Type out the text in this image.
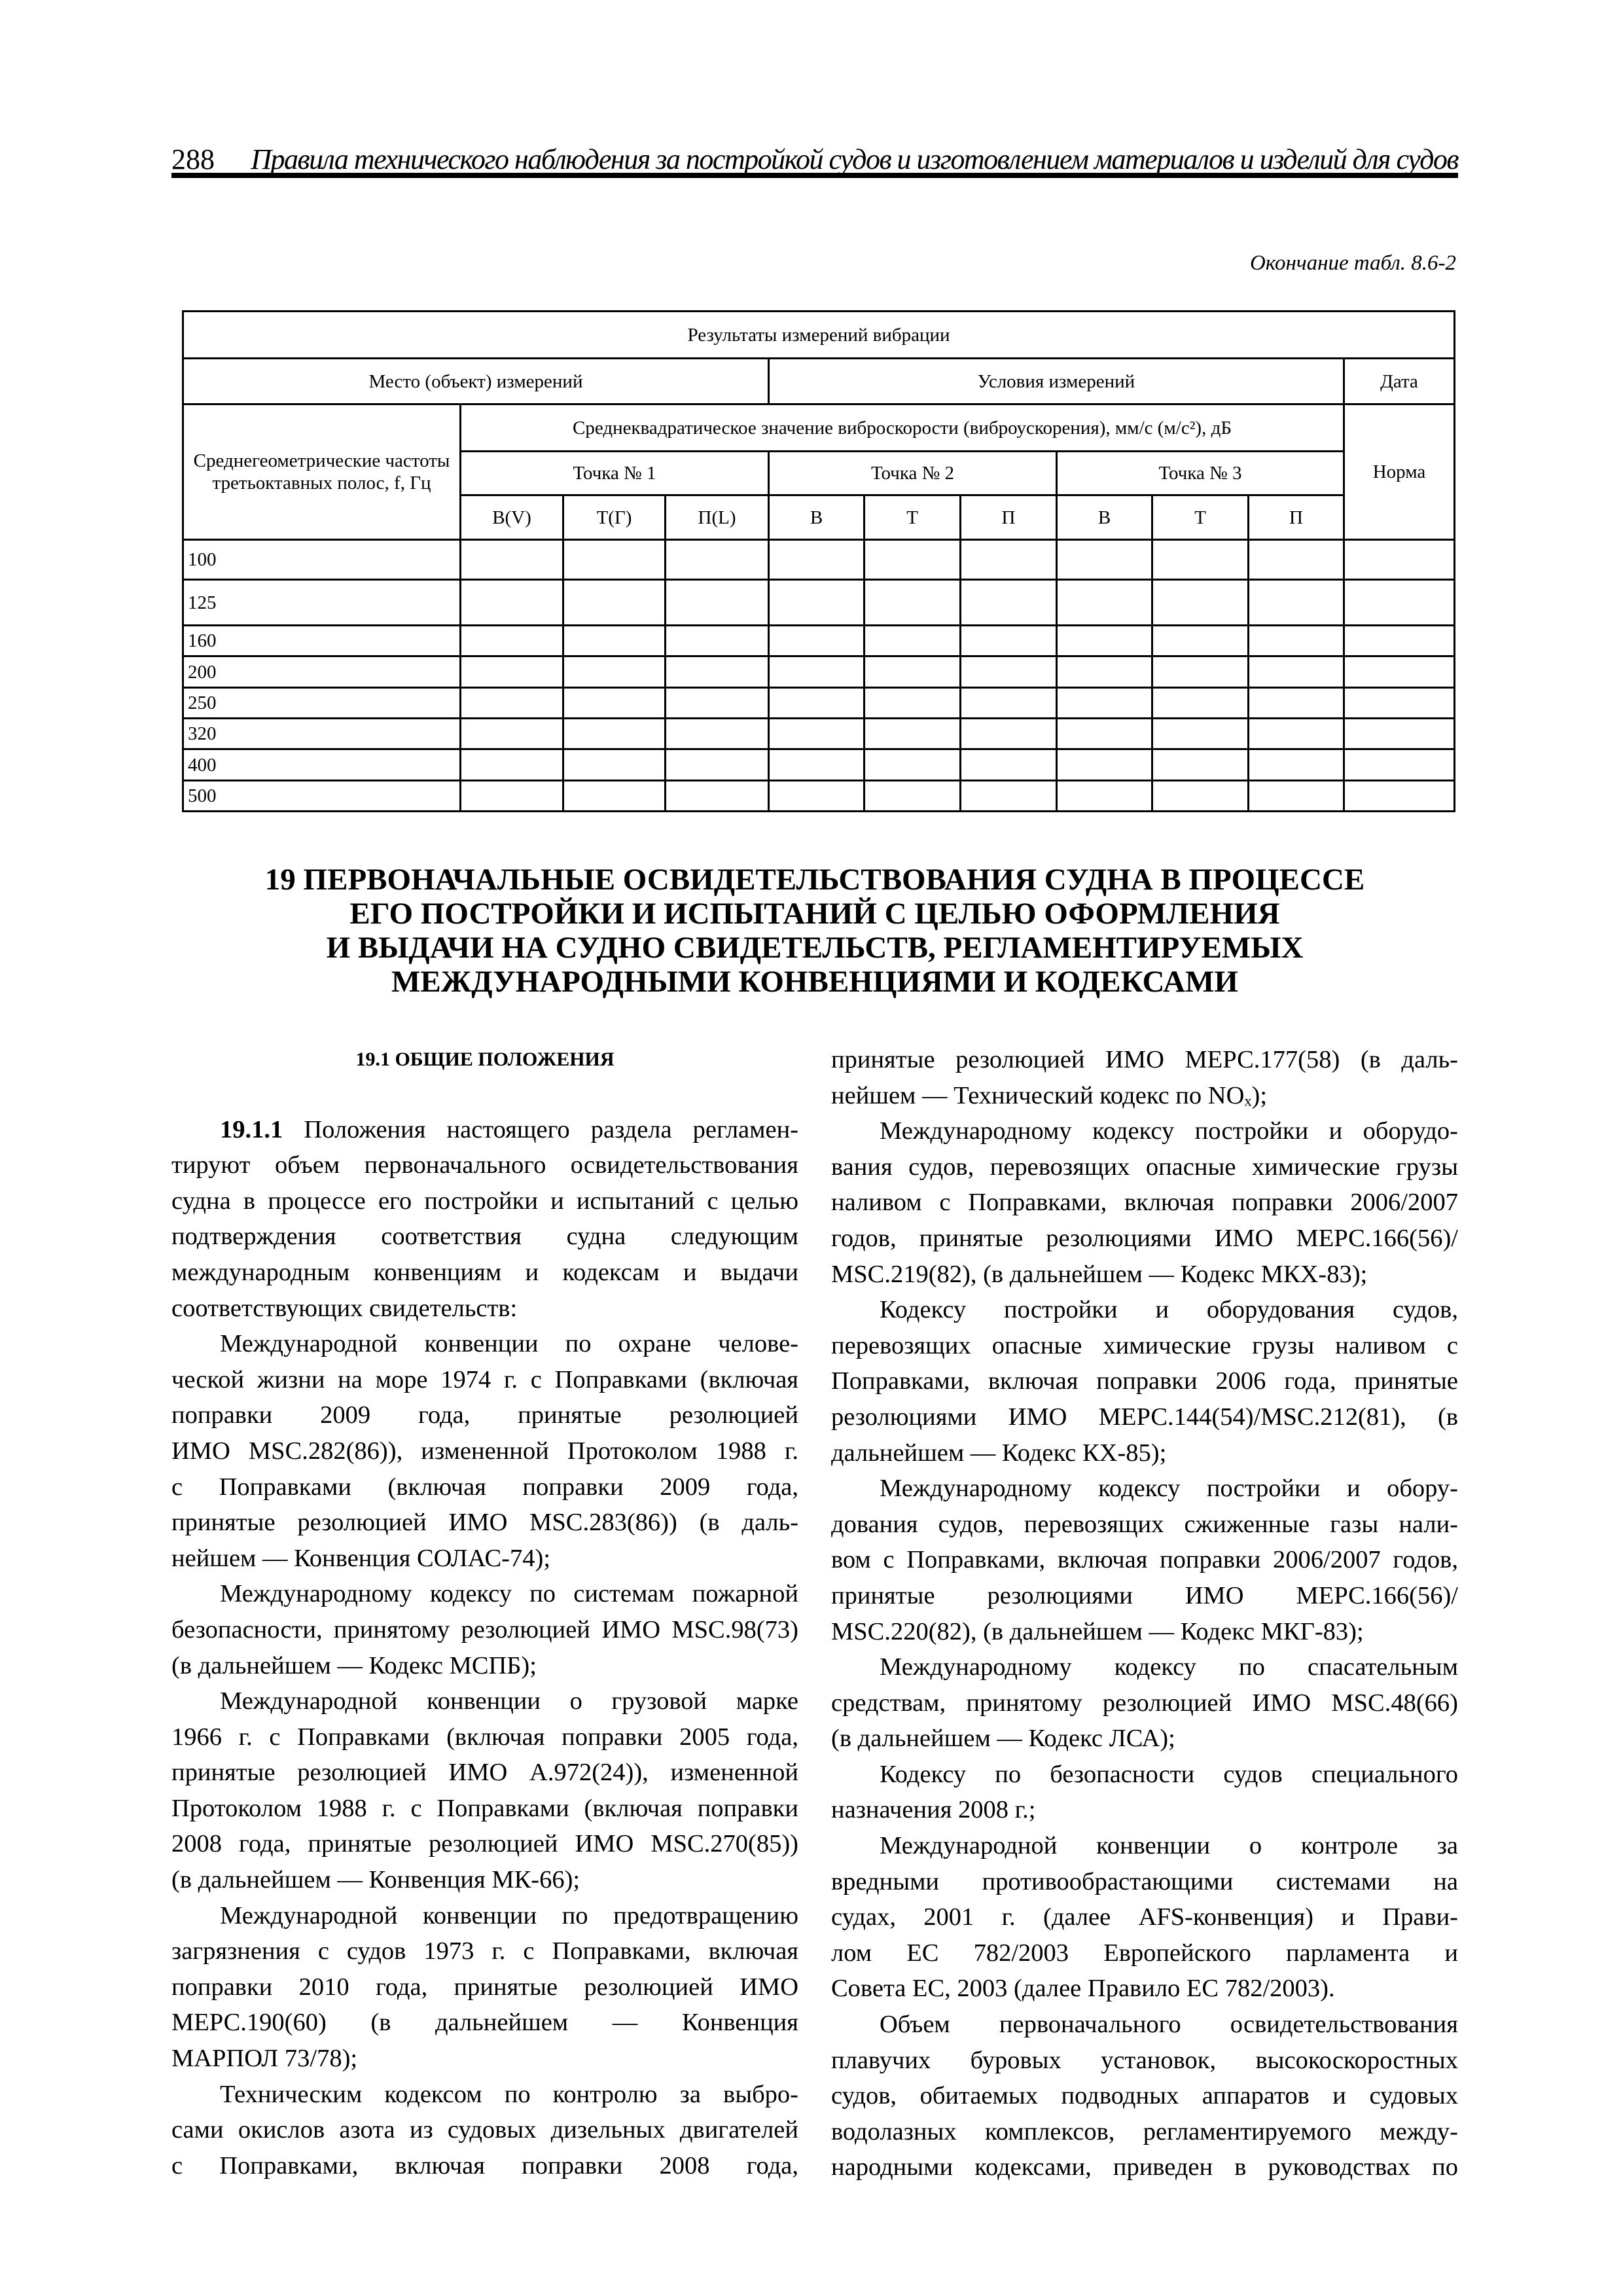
288 Правила технического наблюдения за постройкой судов и изготовлением материалов и изделий для судов
Окончание табл. 8.6-2
Результаты измерений вибрации										
Место (объект) измерений				Условия измерений						Дата
Среднегеометрические частоты третьоктавных полос, f, Гц	Среднеквадратическое значение виброскорости (виброускорения), мм/с (м/с²), дБ									Норма
	Точка № 1			Точка № 2			Точка № 3			
	В(V)	Т(Г)	П(L)	В	Т	П	В	Т	П	
100										
125										
160										
200										
250										
320										
400										
500										
19 ПЕРВОНАЧАЛЬНЫЕ ОСВИДЕТЕЛЬСТВОВАНИЯ СУДНА В ПРОЦЕССЕ
ЕГО ПОСТРОЙКИ И ИСПЫТАНИЙ С ЦЕЛЬЮ ОФОРМЛЕНИЯ
И ВЫДАЧИ НА СУДНО СВИДЕТЕЛЬСТВ, РЕГЛАМЕНТИРУЕМЫХ
МЕЖДУНАРОДНЫМИ КОНВЕНЦИЯМИ И КОДЕКСАМИ
19.1 ОБЩИЕ ПОЛОЖЕНИЯ
19.1.1 Положения настоящего раздела регламен-
тируют объем первоначального освидетельствования
судна в процессе его постройки и испытаний с целью
подтверждения соответствия судна следующим
международным конвенциям и кодексам и выдачи
соответствующих свидетельств:
Международной конвенции по охране челове-
ческой жизни на море 1974 г. с Поправками (включая
поправки 2009 года, принятые резолюцией
ИМО MSC.282(86)), измененной Протоколом 1988 г.
с Поправками (включая поправки 2009 года,
принятые резолюцией ИМО MSC.283(86)) (в даль-
нейшем — Конвенция СОЛАС-74);
Международному кодексу по системам пожарной
безопасности, принятому резолюцией ИМО MSC.98(73)
(в дальнейшем — Кодекс МСПБ);
Международной конвенции о грузовой марке
1966 г. с Поправками (включая поправки 2005 года,
принятые резолюцией ИМО А.972(24)), измененной
Протоколом 1988 г. с Поправками (включая поправки
2008 года, принятые резолюцией ИМО MSC.270(85))
(в дальнейшем — Конвенция МК-66);
Международной конвенции по предотвращению
загрязнения с судов 1973 г. с Поправками, включая
поправки 2010 года, принятые резолюцией ИМО
МЕРС.190(60) (в дальнейшем — Конвенция
МАРПОЛ 73/78);
Техническим кодексом по контролю за выбро-
сами окислов азота из судовых дизельных двигателей
с Поправками, включая поправки 2008 года,
принятые резолюцией ИМО МЕРС.177(58) (в даль-
нейшем — Технический кодекс по NOₓ);
Международному кодексу постройки и оборудо-
вания судов, перевозящих опасные химические грузы
наливом с Поправками, включая поправки 2006/2007
годов, принятые резолюциями ИМО МЕРС.166(56)/
MSC.219(82), (в дальнейшем — Кодекс МКХ-83);
Кодексу постройки и оборудования судов,
перевозящих опасные химические грузы наливом с
Поправками, включая поправки 2006 года, принятые
резолюциями ИМО МЕРС.144(54)/MSC.212(81), (в
дальнейшем — Кодекс КХ-85);
Международному кодексу постройки и обору-
дования судов, перевозящих сжиженные газы нали-
вом с Поправками, включая поправки 2006/2007 годов,
принятые резолюциями ИМО МЕРС.166(56)/
MSC.220(82), (в дальнейшем — Кодекс МКГ-83);
Международному кодексу по спасательным
средствам, принятому резолюцией ИМО MSC.48(66)
(в дальнейшем — Кодекс ЛСА);
Кодексу по безопасности судов специального
назначения 2008 г.;
Международной конвенции о контроле за
вредными противообрастающими системами на
судах, 2001 г. (далее AFS-конвенция) и Прави-
лом ЕС 782/2003 Европейского парламента и
Совета ЕС, 2003 (далее Правило ЕС 782/2003).
Объем первоначального освидетельствования
плавучих буровых установок, высокоскоростных
судов, обитаемых подводных аппаратов и судовых
водолазных комплексов, регламентируемого между-
народными кодексами, приведен в руководствах по
